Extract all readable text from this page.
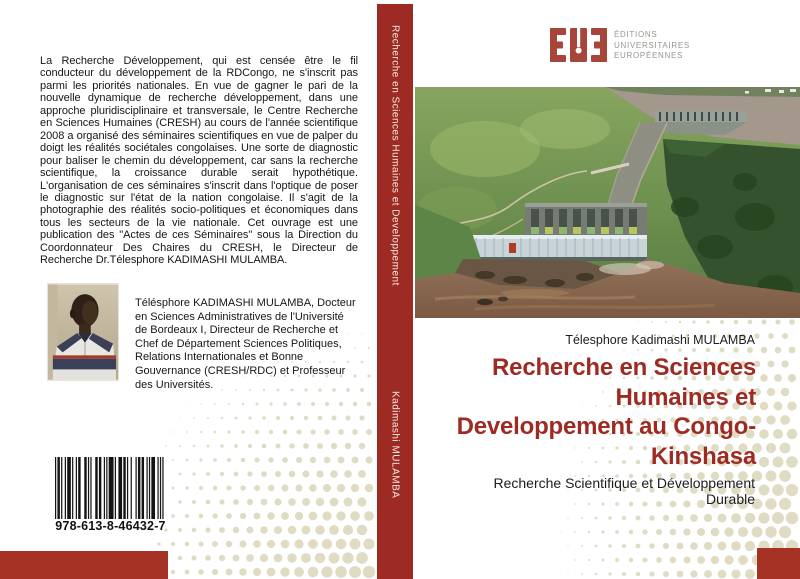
La Recherche Développement, qui est censée être le fil conducteur du développement de la RDCongo, ne s'inscrit pas parmi les priorités nationales. En vue de gagner le pari de la nouvelle dynamique de recherche développement, dans une approche pluridisciplinaire et transversale, le Centre Recherche en Sciences Humaines (CRESH) au cours de l'année scientifique 2008 a organisé des séminaires scientifiques en vue de palper du doigt les réalités sociétales congolaises. Une sorte de diagnostic pour baliser le chemin du développement, car sans la recherche scientifique, la croissance durable serait hypothétique. L'organisation de ces séminaires s'inscrit dans l'optique de poser le diagnostic sur l'état de la nation congolaise. Il s'agit de la photographie des réalités socio-politiques et économiques dans tous les secteurs de la vie nationale. Cet ouvrage est une publication des "Actes de ces Séminaires" sous la Direction du Coordonnateur Des Chaires du CRESH, le Directeur de Recherche Dr.Télesphore KADIMASHI MULAMBA.

Télésphore KADIMASHI MULAMBA, Docteur en Sciences Administratives de l'Université de Bordeaux I, Directeur de Recherche et Chef de Département Sciences Politiques, Relations Internationales et Bonne Gouvernance (CRESH/RDC) et Professeur des Universités.

978-613-8-46432-7
Recherche en Sciences Humaines et Developpement
Kadimashi MULAMBA
ÉDITIONS
UNIVERSITAIRES
EUROPÉENNES
Télesphore Kadimashi MULAMBA
Recherche en Sciences
Humaines et
Developpement au Congo-
Kinshasa
Recherche Scientifique et Développement
Durable
